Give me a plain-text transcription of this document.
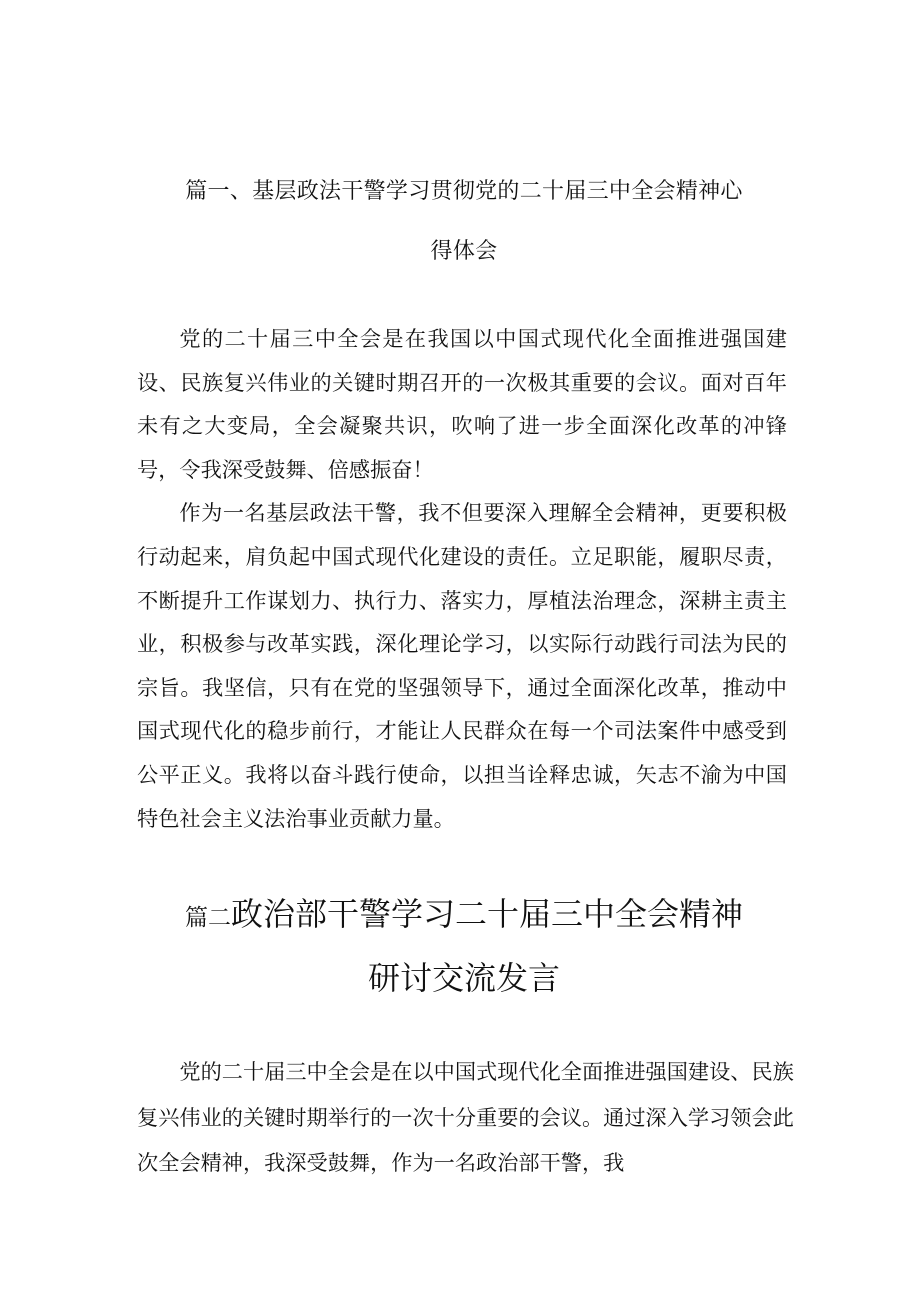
篇一、基层政法干警学习贯彻党的二十届三中全会精神心
得体会

党的二十届三中全会是在我国以中国式现代化全面推进强国建设、民族复兴伟业的关键时期召开的一次极其重要的会议。面对百年未有之大变局，全会凝聚共识，吹响了进一步全面深化改革的冲锋号，令我深受鼓舞、倍感振奋！

作为一名基层政法干警，我不但要深入理解全会精神，更要积极行动起来，肩负起中国式现代化建设的责任。立足职能，履职尽责，不断提升工作谋划力、执行力、落实力，厚植法治理念，深耕主责主业，积极参与改革实践，深化理论学习，以实际行动践行司法为民的宗旨。我坚信，只有在党的坚强领导下，通过全面深化改革，推动中国式现代化的稳步前行，才能让人民群众在每一个司法案件中感受到公平正义。我将以奋斗践行使命，以担当诠释忠诚，矢志不渝为中国特色社会主义法治事业贡献力量。

篇二政治部干警学习二十届三中全会精神
研讨交流发言

党的二十届三中全会是在以中国式现代化全面推进强国建设、民族复兴伟业的关键时期举行的一次十分重要的会议。通过深入学习领会此次全会精神，我深受鼓舞，作为一名政治部干警，我
